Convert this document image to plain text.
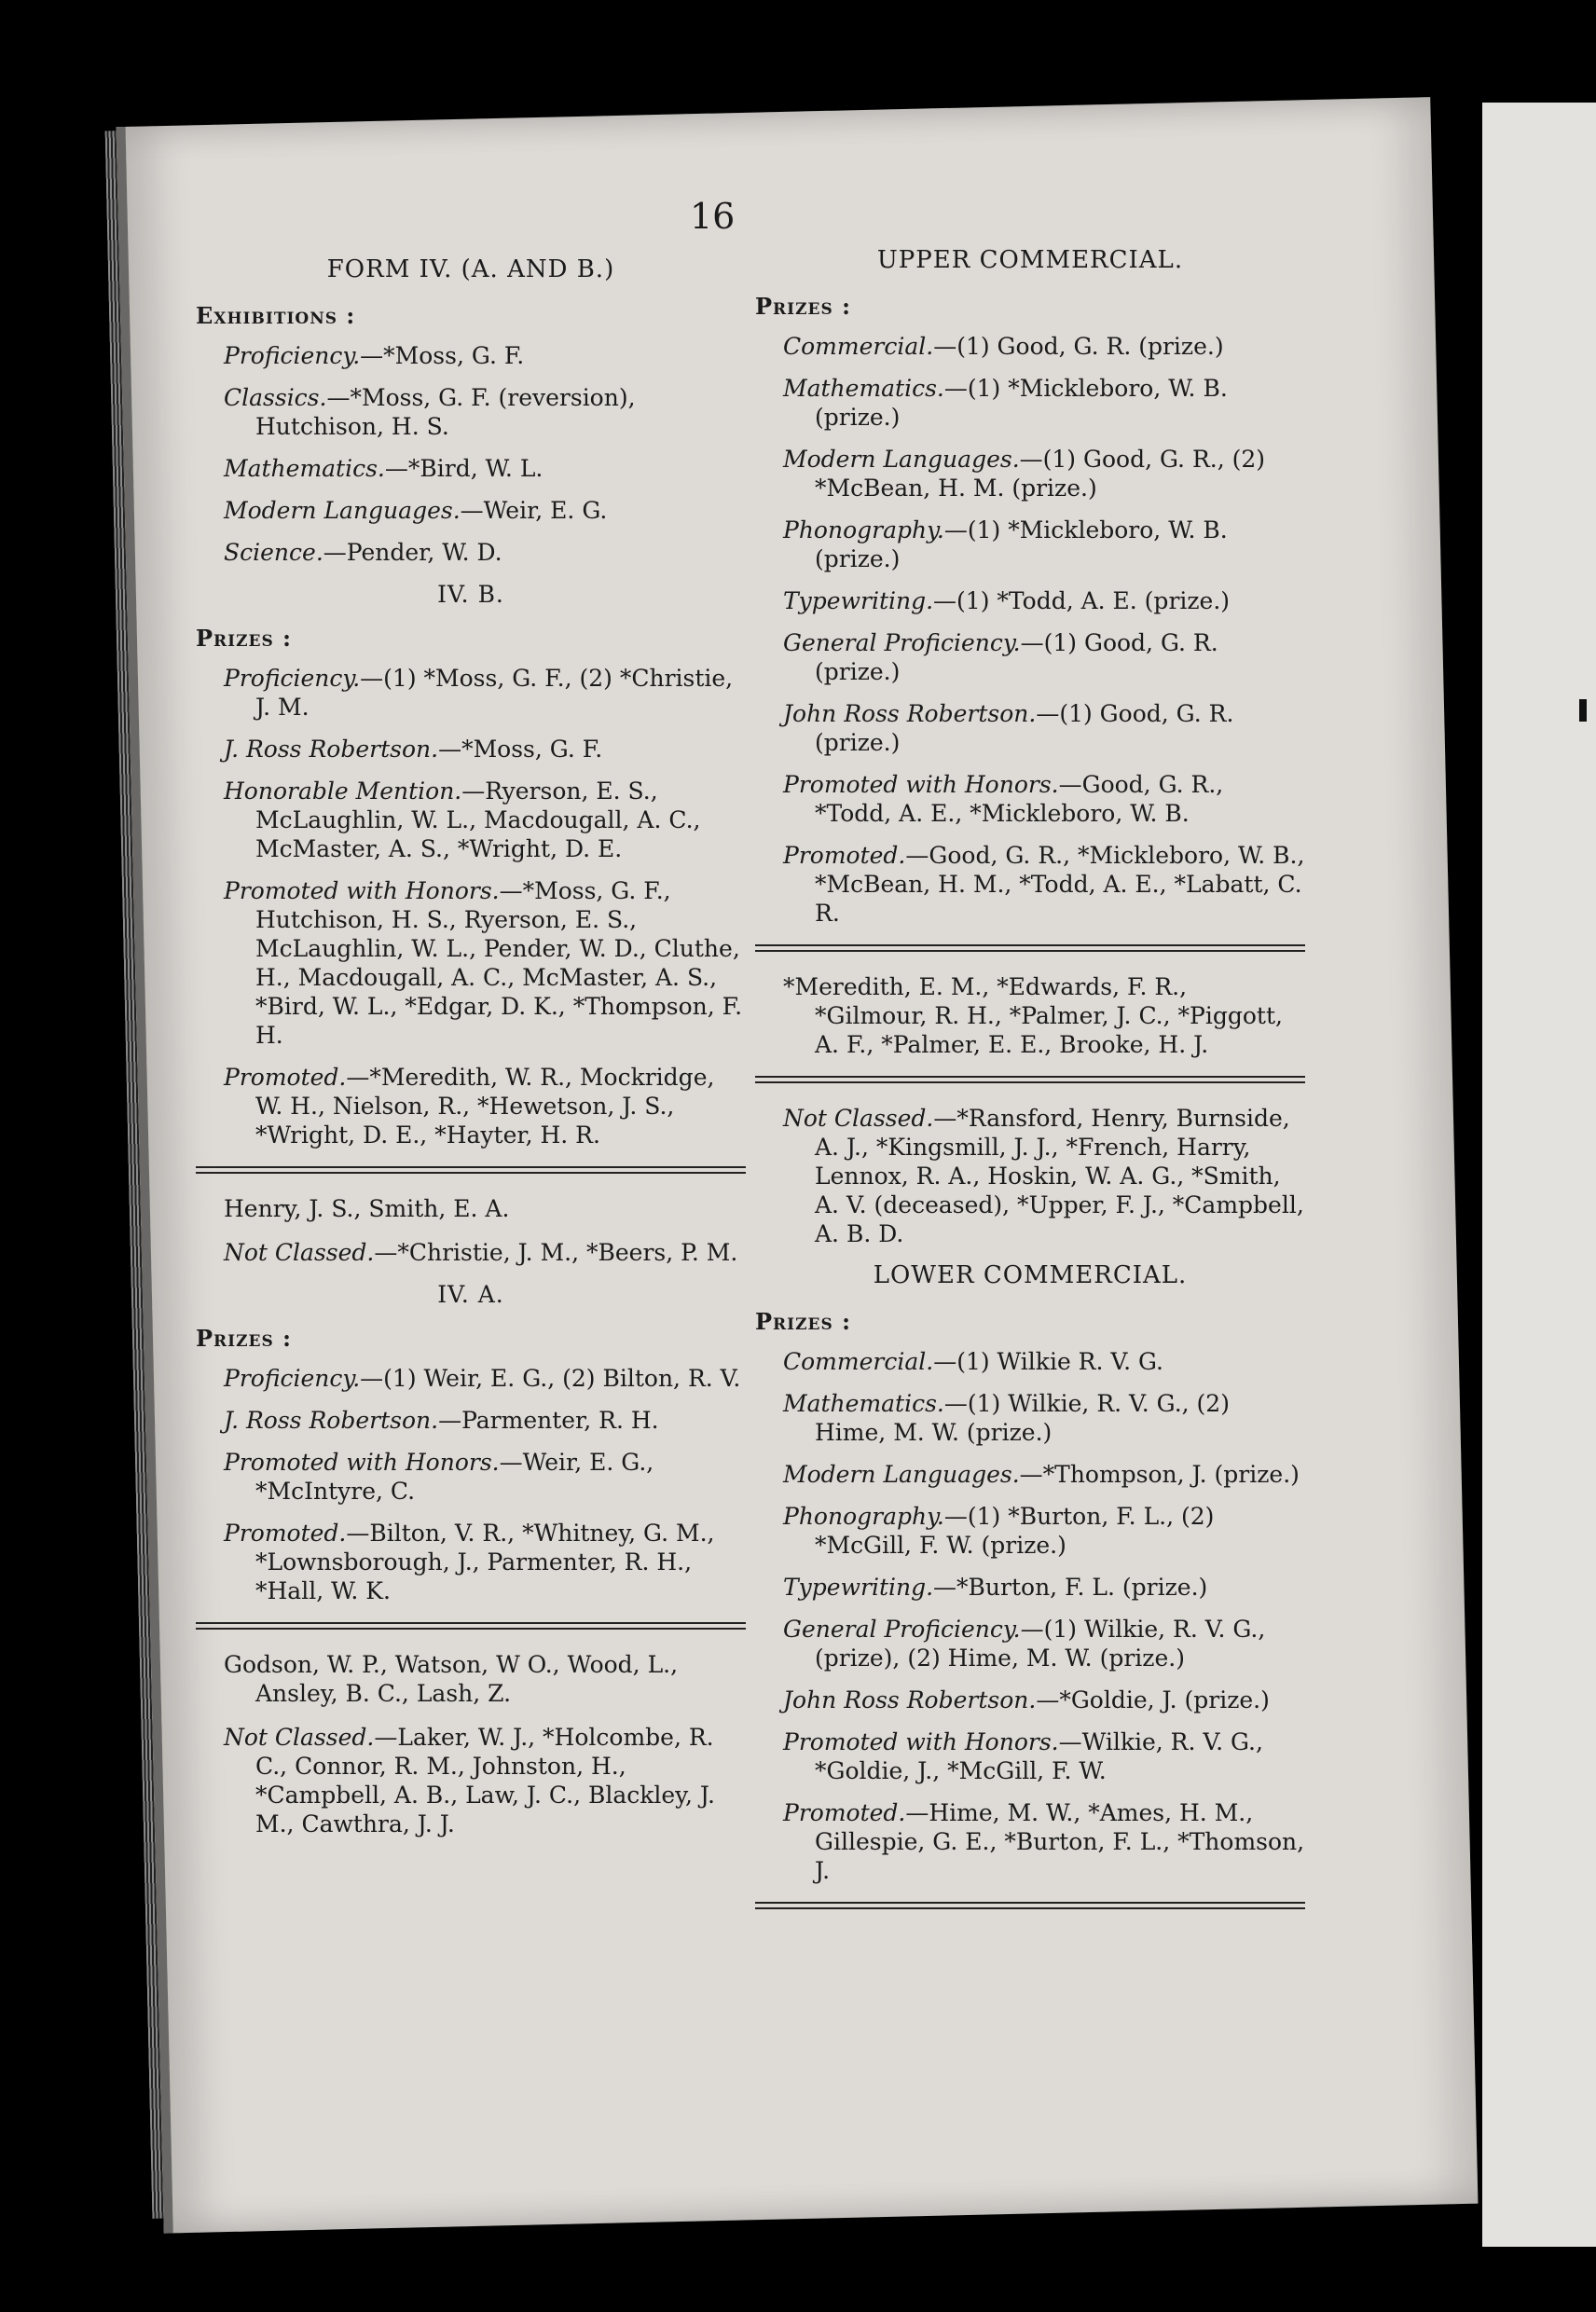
16
FORM IV. (A. AND B.)
Exhibitions :
Proficiency.—*Moss, G. F.
Classics.—*Moss, G. F. (reversion), Hutchison, H. S.
Mathematics.—*Bird, W. L.
Modern Languages.—Weir, E. G.
Science.—Pender, W. D.
IV. B.
Prizes :
Proficiency.—(1) *Moss, G. F., (2) *Christie, J. M.
J. Ross Robertson.—*Moss, G. F.
Honorable Mention.—Ryerson, E. S., McLaughlin, W. L., Macdougall, A. C., McMaster, A. S., *Wright, D. E.
Promoted with Honors.—*Moss, G. F., Hutchison, H. S., Ryerson, E. S., McLaughlin, W. L., Pender, W. D., Cluthe, H., Macdougall, A. C., McMaster, A. S., *Bird, W. L., *Edgar, D. K., *Thompson, F. H.
Promoted.—*Meredith, W. R., Mockridge, W. H., Nielson, R., *Hewetson, J. S., *Wright, D. E., *Hayter, H. R.
Henry, J. S., Smith, E. A.
Not Classed.—*Christie, J. M., *Beers, P. M.
IV. A.
Prizes :
Proficiency.—(1) Weir, E. G., (2) Bilton, R. V.
J. Ross Robertson.—Parmenter, R. H.
Promoted with Honors.—Weir, E. G., *McIntyre, C.
Promoted.—Bilton, V. R., *Whitney, G. M., *Lownsborough, J., Parmenter, R. H., *Hall, W. K.
Godson, W. P., Watson, W O., Wood, L., Ansley, B. C., Lash, Z.
Not Classed.—Laker, W. J., *Holcombe, R. C., Connor, R. M., Johnston, H., *Campbell, A. B., Law, J. C., Blackley, J. M., Cawthra, J. J.
UPPER COMMERCIAL.
Prizes :
Commercial.—(1) Good, G. R. (prize.)
Mathematics.—(1) *Mickleboro, W. B. (prize.)
Modern Languages.—(1) Good, G. R., (2) *McBean, H. M. (prize.)
Phonography.—(1) *Mickleboro, W. B. (prize.)
Typewriting.—(1) *Todd, A. E. (prize.)
General Proficiency.—(1) Good, G. R. (prize.)
John Ross Robertson.—(1) Good, G. R. (prize.)
Promoted with Honors.—Good, G. R., *Todd, A. E., *Mickleboro, W. B.
Promoted.—Good, G. R., *Mickleboro, W. B., *McBean, H. M., *Todd, A. E., *Labatt, C. R.
*Meredith, E. M., *Edwards, F. R., *Gilmour, R. H., *Palmer, J. C., *Piggott, A. F., *Palmer, E. E., Brooke, H. J.
Not Classed.—*Ransford, Henry, Burnside, A. J., *Kingsmill, J. J., *French, Harry, Lennox, R. A., Hoskin, W. A. G., *Smith, A. V. (deceased), *Upper, F. J., *Campbell, A. B. D.
LOWER COMMERCIAL.
Prizes :
Commercial.—(1) Wilkie R. V. G.
Mathematics.—(1) Wilkie, R. V. G., (2) Hime, M. W. (prize.)
Modern Languages.—*Thompson, J. (prize.)
Phonography.—(1) *Burton, F. L., (2) *McGill, F. W. (prize.)
Typewriting.—*Burton, F. L. (prize.)
General Proficiency.—(1) Wilkie, R. V. G., (prize), (2) Hime, M. W. (prize.)
John Ross Robertson.—*Goldie, J. (prize.)
Promoted with Honors.—Wilkie, R. V. G., *Goldie, J., *McGill, F. W.
Promoted.—Hime, M. W., *Ames, H. M., Gillespie, G. E., *Burton, F. L., *Thomson, J.
